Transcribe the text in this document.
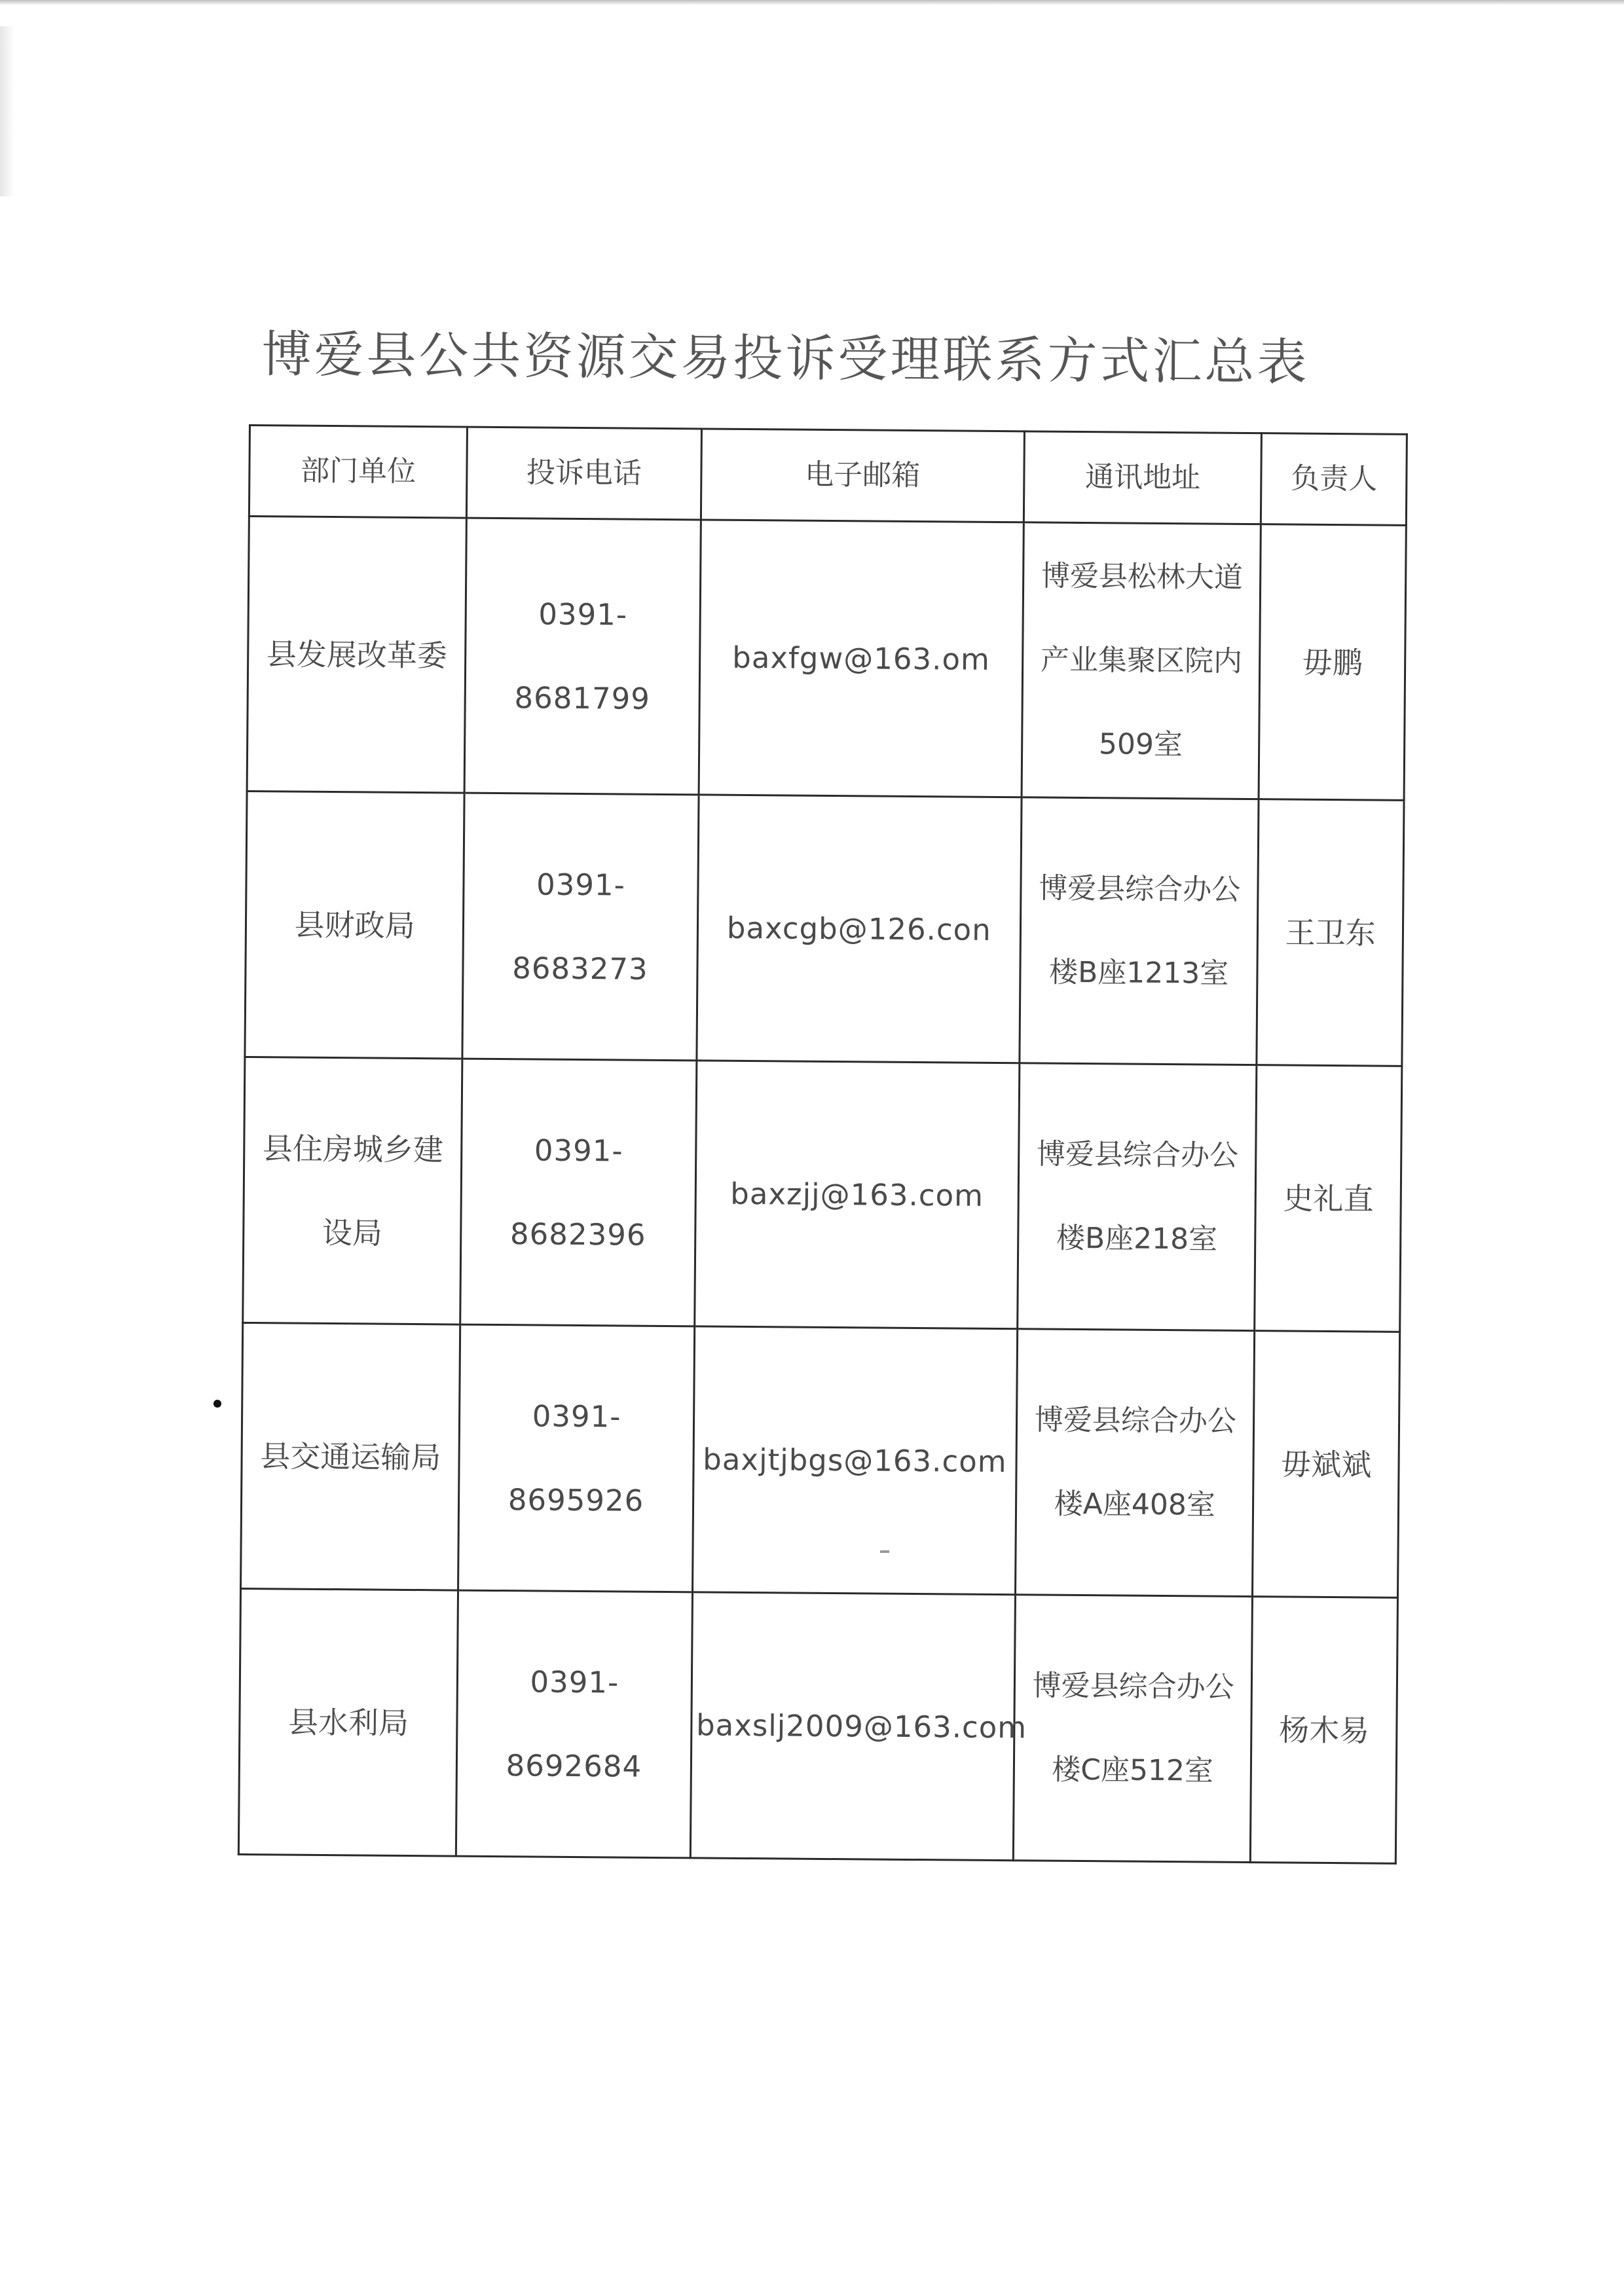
博爱县公共资源交易投诉受理联系方式汇总表
部门单位	投诉电话	电子邮箱	通讯地址	负责人
县发展改革委	0391-8681799	baxfgw@163.om	博爱县松林大道产业集聚区院内509室	毋鹏
县财政局	0391-8683273	baxcgb@126.con	博爱县综合办公楼B座1213室	王卫东
县住房城乡建设局	0391-8682396	baxzjj@163.com	博爱县综合办公楼B座218室	史礼直
县交通运输局	0391-8695926	baxjtjbgs@163.com	博爱县综合办公楼A座408室	毋斌斌
县水利局	0391-8692684	baxslj2009@163.com	博爱县综合办公楼C座512室	杨木易
